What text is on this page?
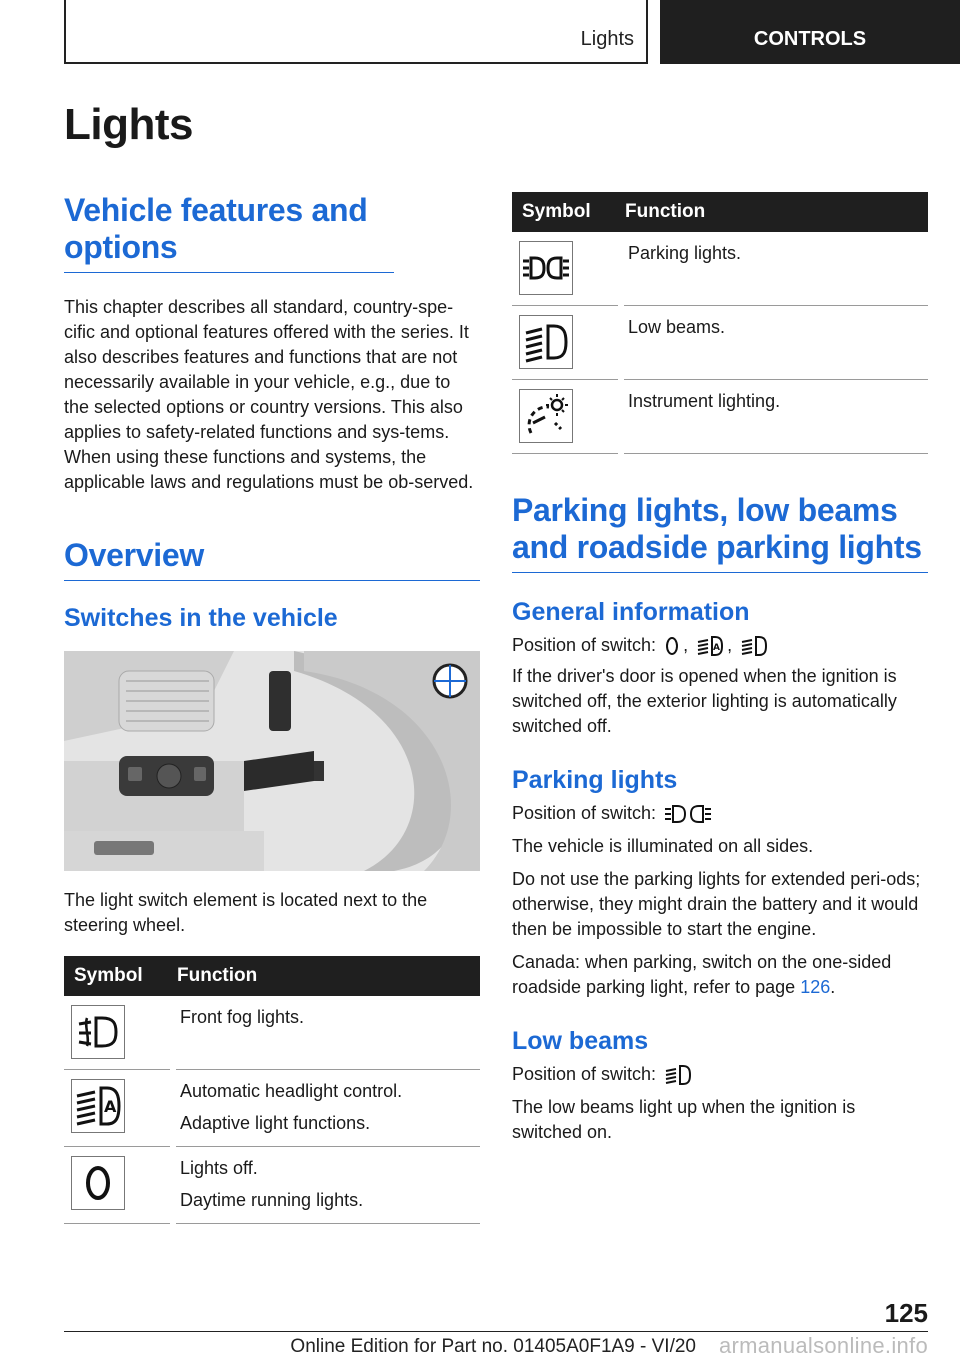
Lights	CONTROLS
Lights
Vehicle features and options

This chapter describes all standard, country-spe-cific and optional features offered with the series. It also describes features and functions that are not necessarily available in your vehicle, e.g., due to the selected options or country versions. This also applies to safety-related functions and sys-tems. When using these functions and systems, the applicable laws and regulations must be ob-served.

Overview
Switches in the vehicle

The light switch element is located next to the steering wheel.

Symbol	Function

Front fog lights.

A	Automatic headlight control.
Adaptive light functions.

Lights off.
Daytime running lights.
Symbol	Function

Parking lights.

Low beams.

Instrument lighting.
Parking lights, low beams and roadside parking lights
General information

Position of switch: ,	A ,

If the driver's door is opened when the ignition is switched off, the exterior lighting is automatically switched off.

Parking lights

Position of switch:

The vehicle is illuminated on all sides.

Do not use the parking lights for extended peri-ods; otherwise, they might drain the battery and it would then be impossible to start the engine.

Canada: when parking, switch on the one-sided roadside parking light, refer to page 126.

Low beams

Position of switch:

The low beams light up when the ignition is switched on.

125
Online Edition for Part no. 01405A0F1A9 - VI/20 armanualsonline.info
